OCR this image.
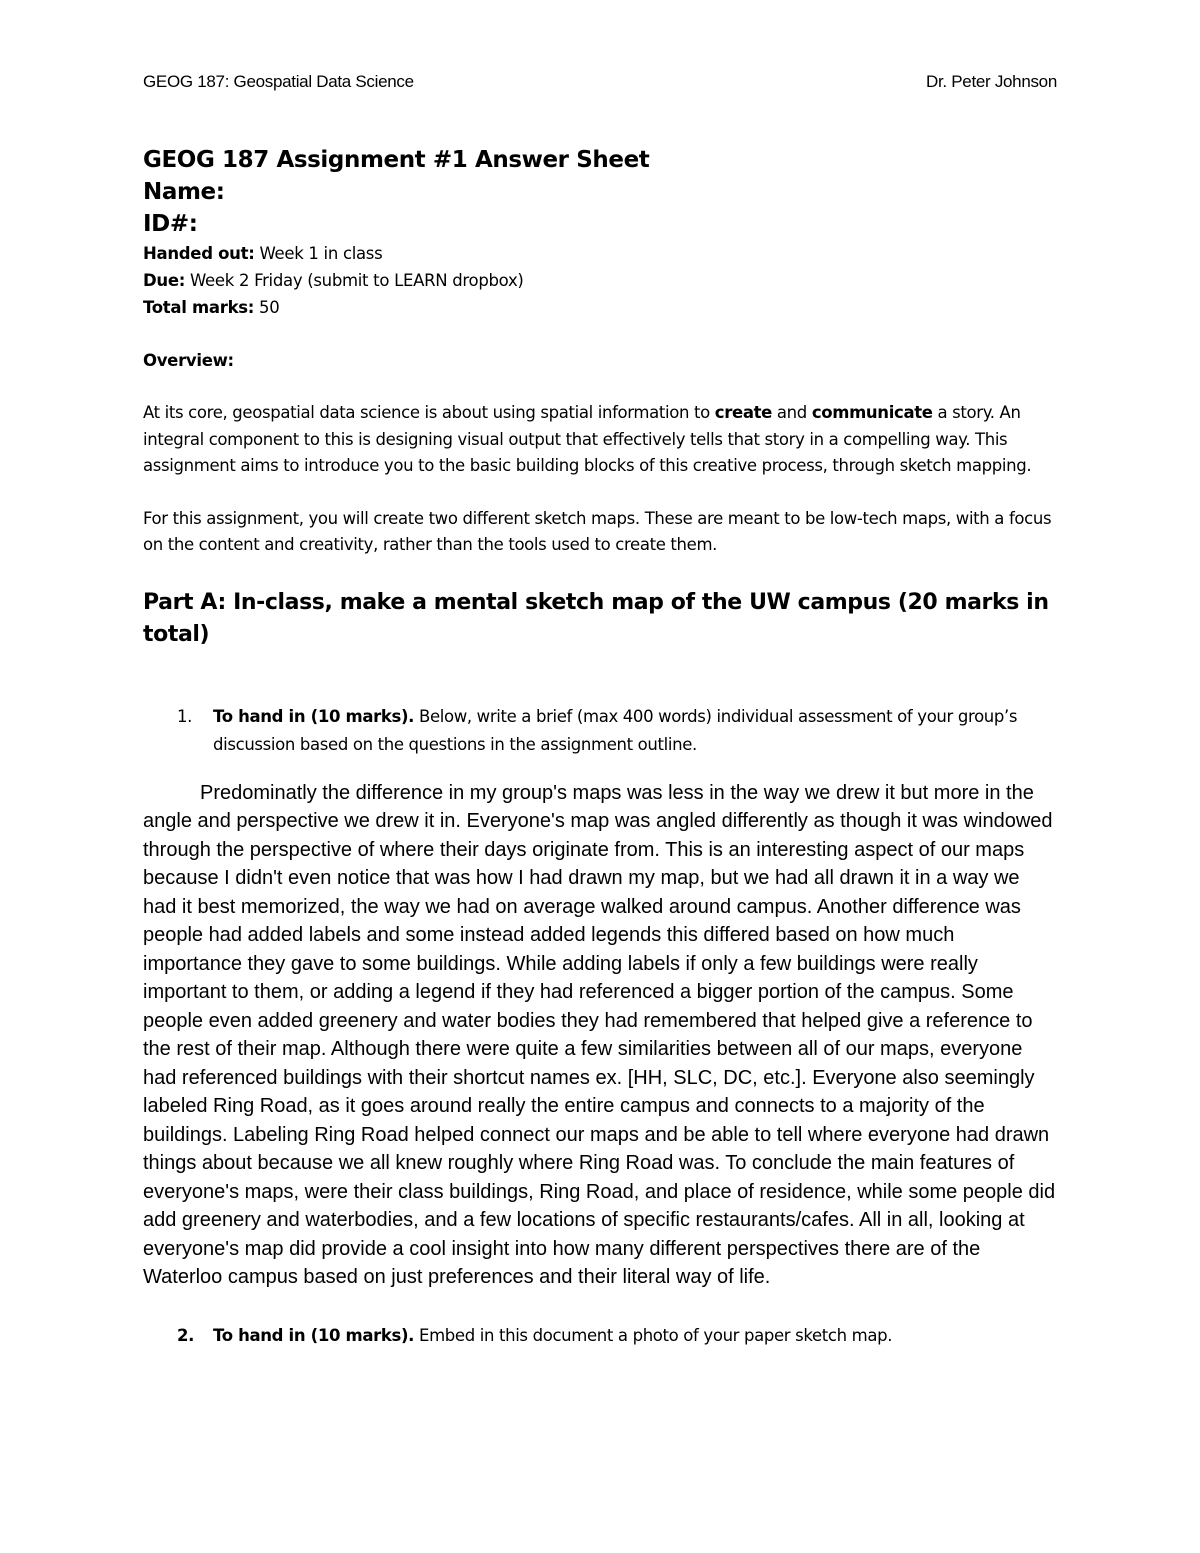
GEOG 187: Geospatial Data Science	Dr. Peter Johnson
GEOG 187 Assignment #1 Answer Sheet
Name:
ID#:
Handed out: Week 1 in class
Due: Week 2 Friday (submit to LEARN dropbox)
Total marks: 50
Overview:

At its core, geospatial data science is about using spatial information to create and communicate a story. An integral component to this is designing visual output that effectively tells that story in a compelling way. This assignment aims to introduce you to the basic building blocks of this creative process, through sketch mapping.

For this assignment, you will create two different sketch maps. These are meant to be low-tech maps, with a focus on the content and creativity, rather than the tools used to create them.

Part A: In-class, make a mental sketch map of the UW campus (20 marks in total)
1. To hand in (10 marks). Below, write a brief (max 400 words) individual assessment of your group’s discussion based on the questions in the assignment outline.

Predominatly the difference in my group's maps was less in the way we drew it but more in the angle and perspective we drew it in. Everyone's map was angled differently as though it was windowed through the perspective of where their days originate from. This is an interesting aspect of our maps because I didn't even notice that was how I had drawn my map, but we had all drawn it in a way we had it best memorized, the way we had on average walked around campus. Another difference was people had added labels and some instead added legends this differed based on how much importance they gave to some buildings. While adding labels if only a few buildings were really important to them, or adding a legend if they had referenced a bigger portion of the campus. Some people even added greenery and water bodies they had remembered that helped give a reference to the rest of their map. Although there were quite a few similarities between all of our maps, everyone had referenced buildings with their shortcut names ex. [HH, SLC, DC, etc.]. Everyone also seemingly labeled Ring Road, as it goes around really the entire campus and connects to a majority of the buildings. Labeling Ring Road helped connect our maps and be able to tell where everyone had drawn things about because we all knew roughly where Ring Road was. To conclude the main features of everyone's maps, were their class buildings, Ring Road, and place of residence, while some people did add greenery and waterbodies, and a few locations of specific restaurants/cafes. All in all, looking at everyone's map did provide a cool insight into how many different perspectives there are of the Waterloo campus based on just preferences and their literal way of life.

2. To hand in (10 marks). Embed in this document a photo of your paper sketch map.
